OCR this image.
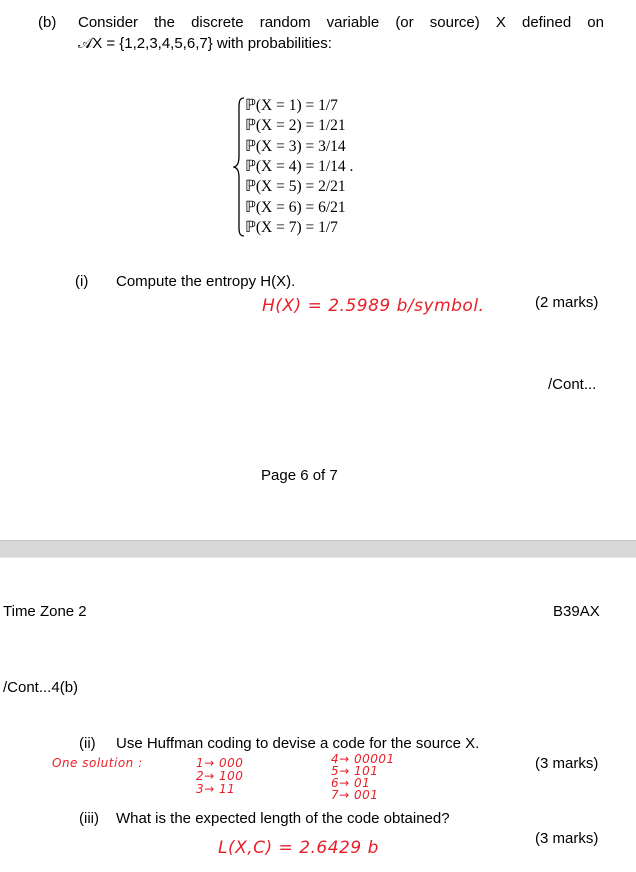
(b) Consider the discrete random variable (or source) X defined on
𝒜X = {1,2,3,4,5,6,7} with probabilities:
ℙ(X = 1) = 1/7
ℙ(X = 2) = 1/21
ℙ(X = 3) = 3/14
ℙ(X = 4) = 1/14 .
ℙ(X = 5) = 2/21
ℙ(X = 6) = 6/21
ℙ(X = 7) = 1/7
(i) Compute the entropy H(X).
H(X) = 2.5989 b/symbol.	(2 marks)
/Cont...
Page 6 of 7
Time Zone 2	B39AX
/Cont...4(b)
(ii) Use Huffman coding to devise a code for the source X.
(3 marks)
One solution :	1→ 000
2→ 100
3→ 11
4→ 00001
5→ 101
6→ 01
7→ 001
(iii) What is the expected length of the code obtained?
(3 marks)
L(X,C) = 2.6429 b
